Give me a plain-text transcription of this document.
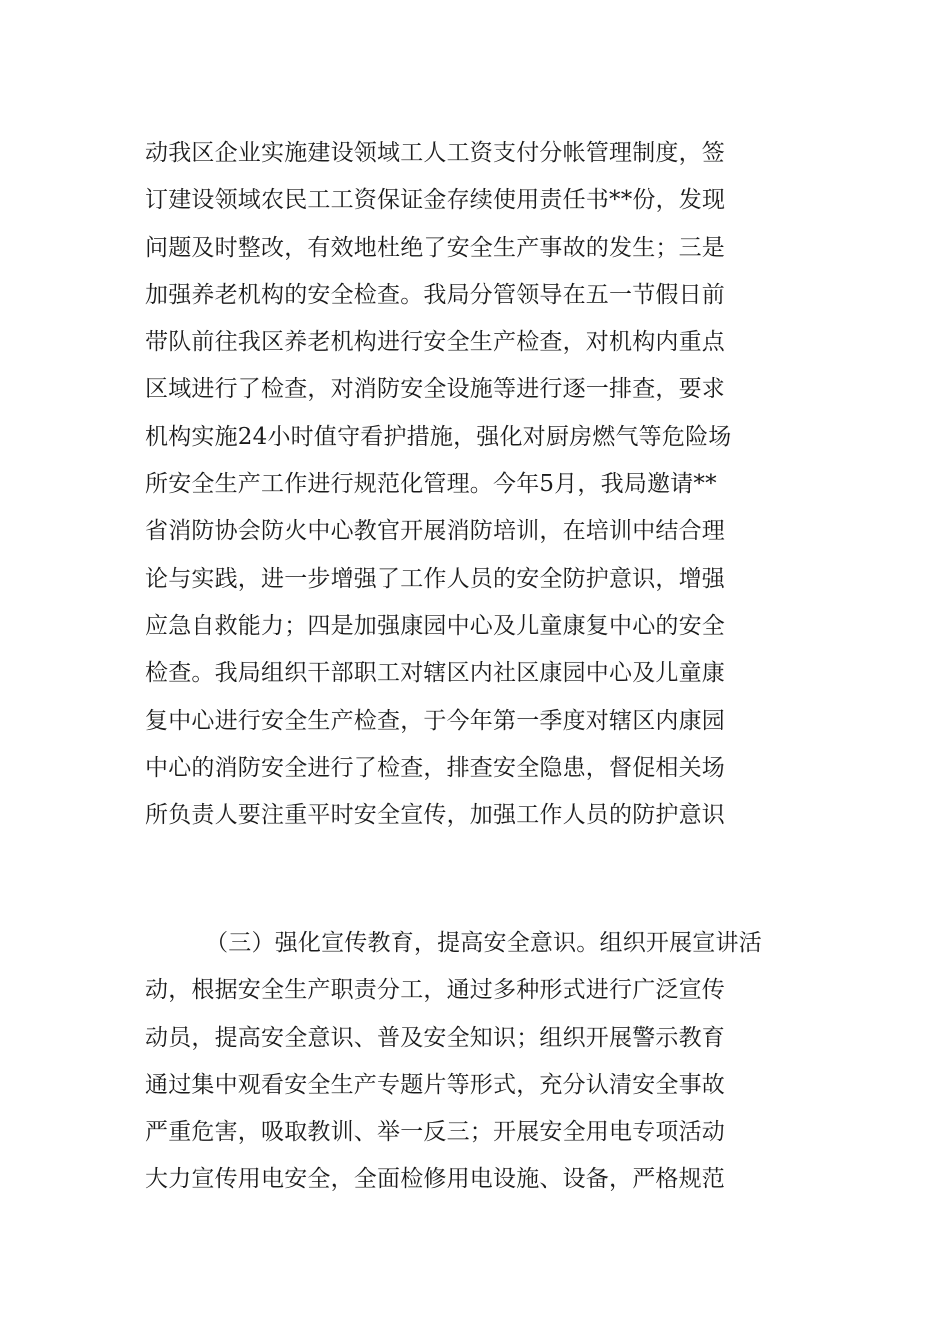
动我区企业实施建设领域工人工资支付分帐管理制度，签
订建设领域农民工工资保证金存续使用责任书**份，发现
问题及时整改，有效地杜绝了安全生产事故的发生；三是
加强养老机构的安全检查。我局分管领导在五一节假日前
带队前往我区养老机构进行安全生产检查，对机构内重点
区域进行了检查，对消防安全设施等进行逐一排查，要求
机构实施24小时值守看护措施，强化对厨房燃气等危险场
所安全生产工作进行规范化管理。今年5月，我局邀请**
省消防协会防火中心教官开展消防培训，在培训中结合理
论与实践，进一步增强了工作人员的安全防护意识，增强
应急自救能力；四是加强康园中心及儿童康复中心的安全
检查。我局组织干部职工对辖区内社区康园中心及儿童康
复中心进行安全生产检查，于今年第一季度对辖区内康园
中心的消防安全进行了检查，排查安全隐患，督促相关场
所负责人要注重平时安全宣传，加强工作人员的防护意识
（三）强化宣传教育，提高安全意识。组织开展宣讲活
动，根据安全生产职责分工，通过多种形式进行广泛宣传
动员，提高安全意识、普及安全知识；组织开展警示教育
通过集中观看安全生产专题片等形式，充分认清安全事故
严重危害，吸取教训、举一反三；开展安全用电专项活动
大力宣传用电安全，全面检修用电设施、设备，严格规范
